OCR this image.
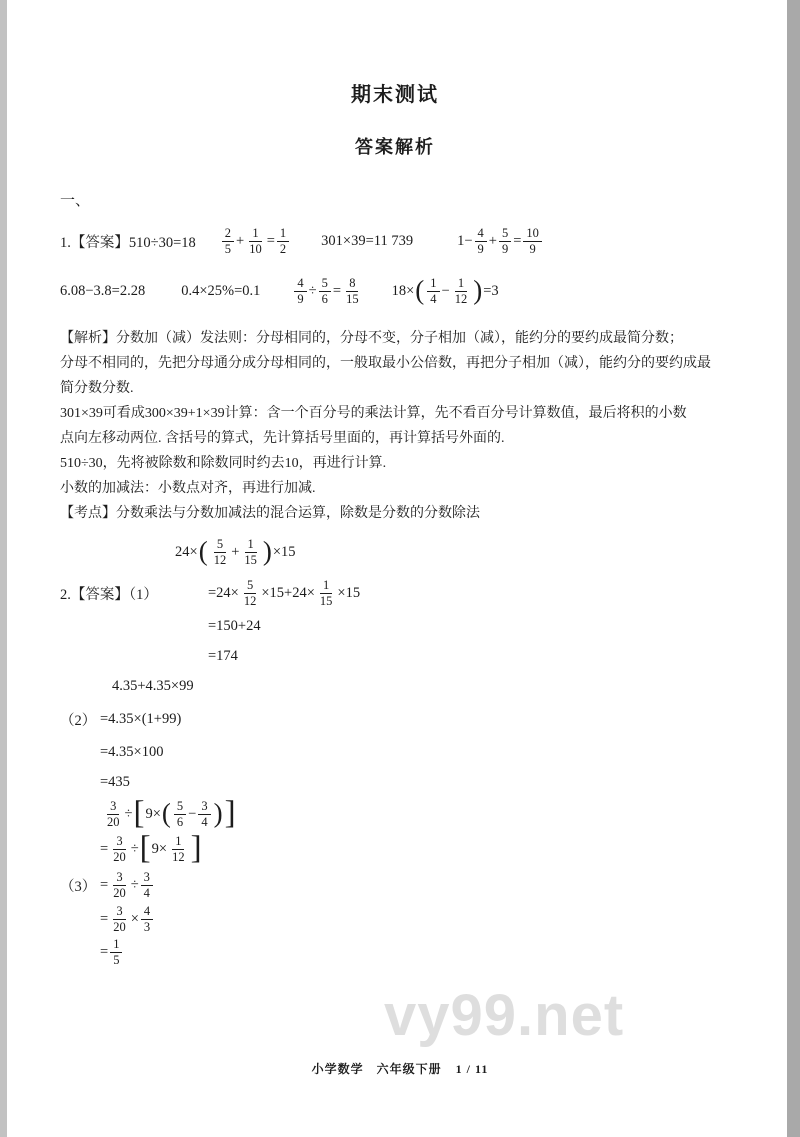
vy99.net
期末测试
答案解析
一、
1.【答案】$510\div 30=18 \frac{2}{5} + \frac{1}{10} = \frac{1}{2} 301\times 39=11$ 739	$1- \frac{4}{9} + \frac{5}{9} = \frac{10}{9}$
6.08−3.8=2.28 0.4×25%=0.1	$\frac{4}{9} \div \frac{5}{6} = \frac{8}{15} 18\times$ ( $\frac{1}{4} - \frac{1}{12}$ ) =3
【解析】分数加（减）发法则：分母相同的，分母不变，分子相加（减），能约分的要约成最简分数；
分母不相同的，先把分母通分成分母相同的，一般取最小公倍数，再把分子相加（减），能约分的要约成最
简分数分数.
301×39可看成300×39+1×39计算：含一个百分号的乘法计算，先不看百分号计算数值，最后将积的小数
点向左移动两位. 含括号的算式，先计算括号里面的，再计算括号外面的.
510÷30，先将被除数和除数同时约去10，再进行计算.
小数的加减法：小数点对齐，再进行加减.
【考点】分数乘法与分数加减法的混合运算，除数是分数的分数除法
24× ( $\frac{5}{12} + \frac{1}{15}$ ) ×15
2.【答案】（1）	$=24\times \frac{5}{12} \times 15+24\times \frac{1}{15} \times 15$
=150+24
=174
4.35+4.35×99
（2） =4.35×(1+99)
=4.35×100
=435
$\frac{3}{20}$ ÷ [ 9× ( $\frac{5}{6} - \frac{3}{4}$ ) ]
= $\frac{3}{20}$ ÷ [ $9\times \frac{1}{12}$ ]
$(3) = \frac{3}{20} \div \frac{3}{4}$
= $\frac{3}{20} \times \frac{4}{3}$
= $\frac{1}{5}$
小学数学　六年级下册 1 / 11
